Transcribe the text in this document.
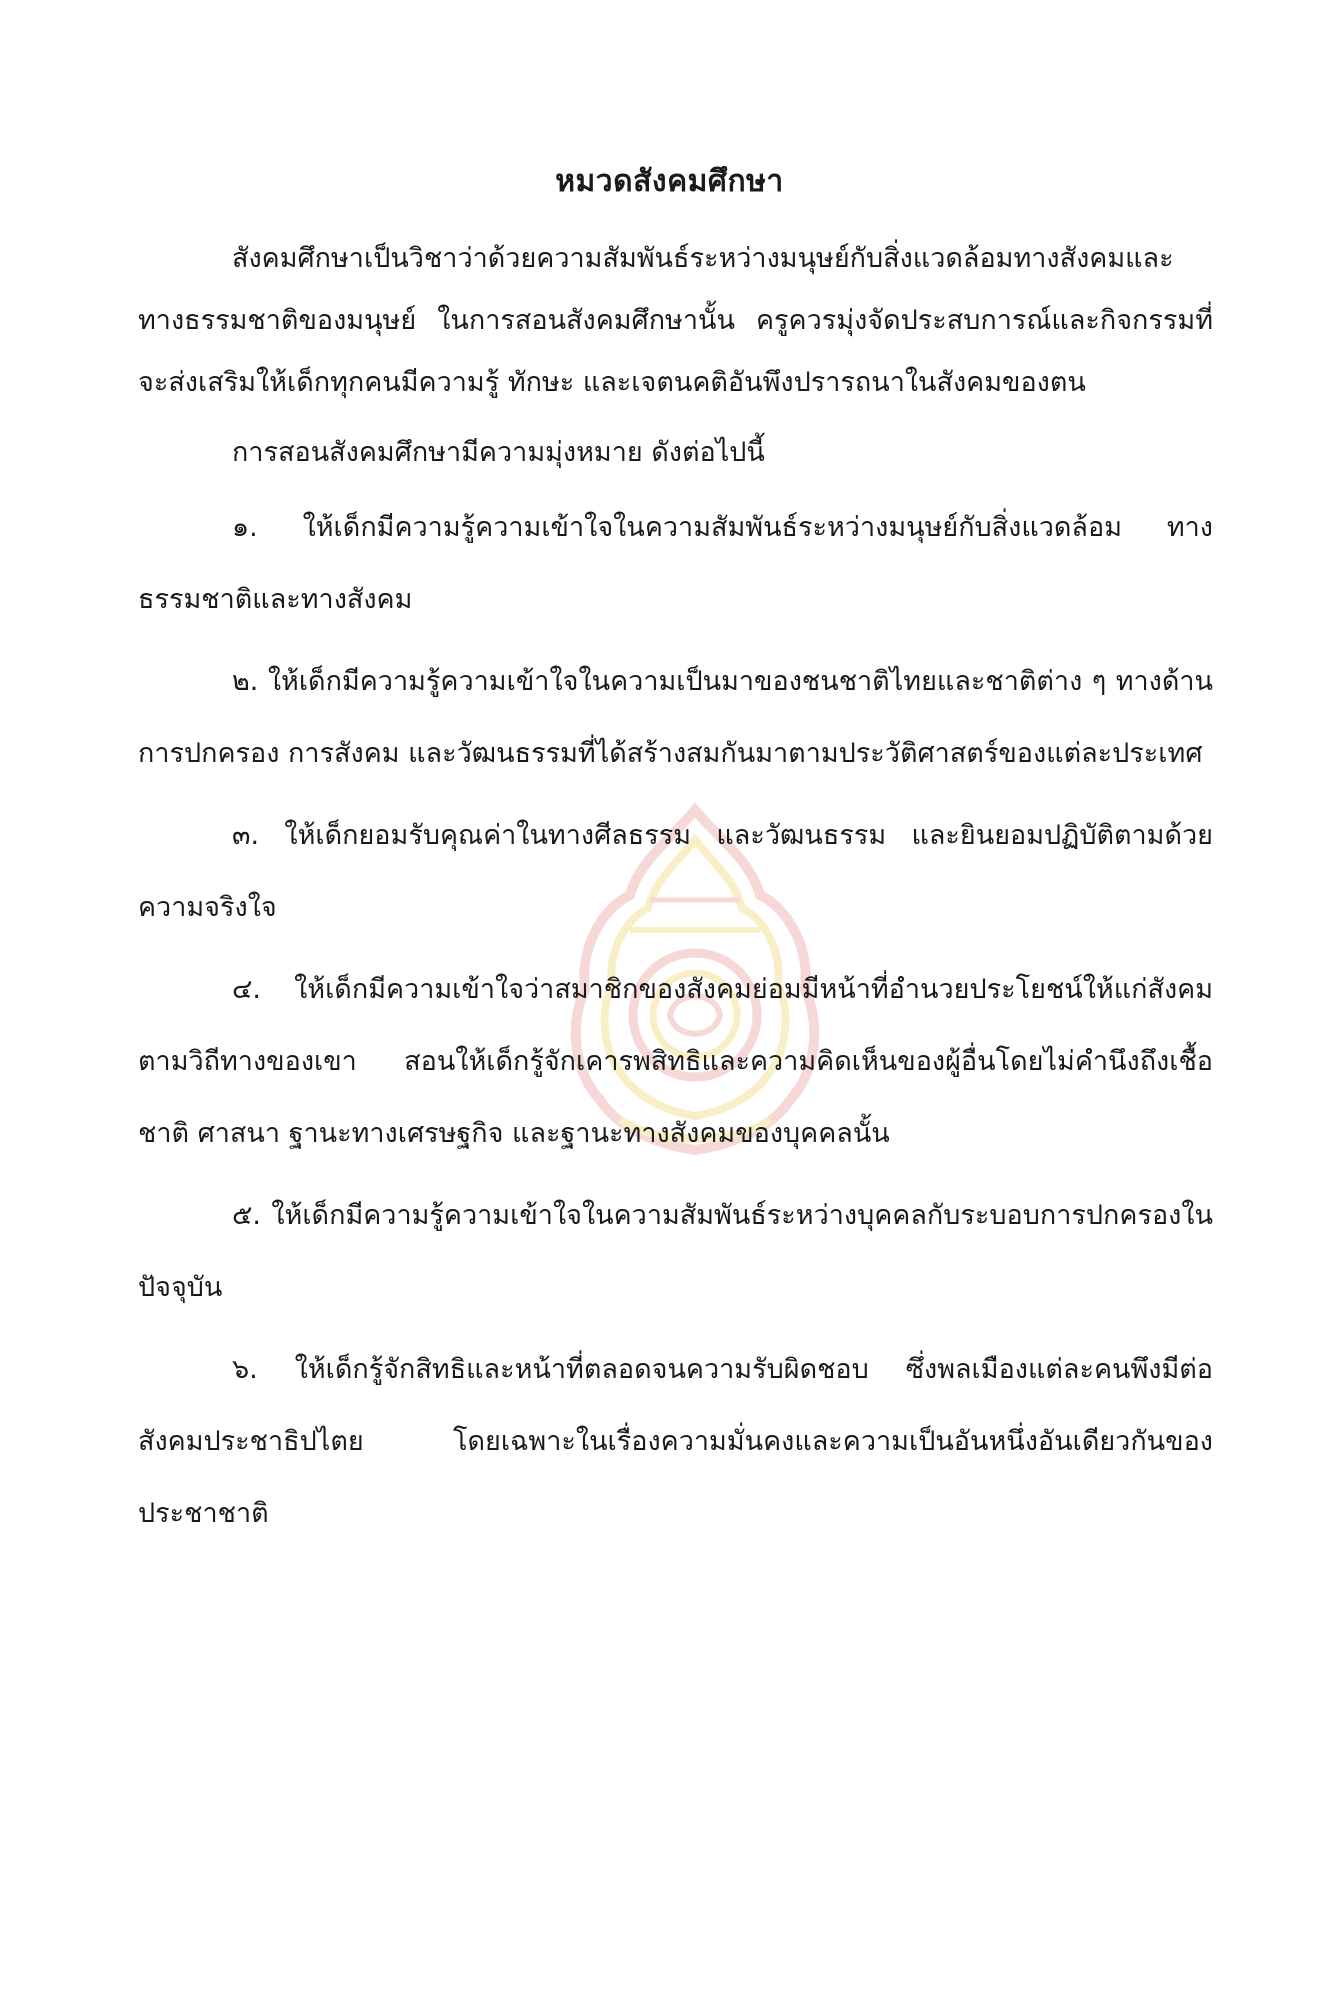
หมวดสังคมศึกษา

สังคมศึกษาเป็นวิชาว่าด้วยความสัมพันธ์ระหว่างมนุษย์กับสิ่งแวดล้อมทางสังคมและทางธรรมชาติของมนุษย์ ในการสอนสังคมศึกษานั้น ครูควรมุ่งจัดประสบการณ์และกิจกรรมที่จะส่งเสริมให้เด็กทุกคนมีความรู้ ทักษะ และเจตนคติอันพึงปรารถนาในสังคมของตน

การสอนสังคมศึกษามีความมุ่งหมาย ดังต่อไปนี้

๑. ให้เด็กมีความรู้ความเข้าใจในความสัมพันธ์ระหว่างมนุษย์กับสิ่งแวดล้อม ทางธรรมชาติและทางสังคม

๒. ให้เด็กมีความรู้ความเข้าใจในความเป็นมาของชนชาติไทยและชาติต่าง ๆ ทางด้านการปกครอง การสังคม และวัฒนธรรมที่ได้สร้างสมกันมาตามประวัติศาสตร์ของแต่ละประเทศ

๓. ให้เด็กยอมรับคุณค่าในทางศีลธรรม และวัฒนธรรม และยินยอมปฏิบัติตามด้วยความจริงใจ

๔. ให้เด็กมีความเข้าใจว่าสมาชิกของสังคมย่อมมีหน้าที่อำนวยประโยชน์ให้แก่สังคมตามวิถีทางของเขา สอนให้เด็กรู้จักเคารพสิทธิและความคิดเห็นของผู้อื่นโดยไม่คำนึงถึงเชื้อชาติ ศาสนา ฐานะทางเศรษฐกิจ และฐานะทางสังคมของบุคคลนั้น

๕. ให้เด็กมีความรู้ความเข้าใจในความสัมพันธ์ระหว่างบุคคลกับระบอบการปกครองในปัจจุบัน

๖. ให้เด็กรู้จักสิทธิและหน้าที่ตลอดจนความรับผิดชอบ ซึ่งพลเมืองแต่ละคนพึงมีต่อสังคมประชาธิปไตย โดยเฉพาะในเรื่องความมั่นคงและความเป็นอันหนึ่งอันเดียวกันของประชาชาติ
